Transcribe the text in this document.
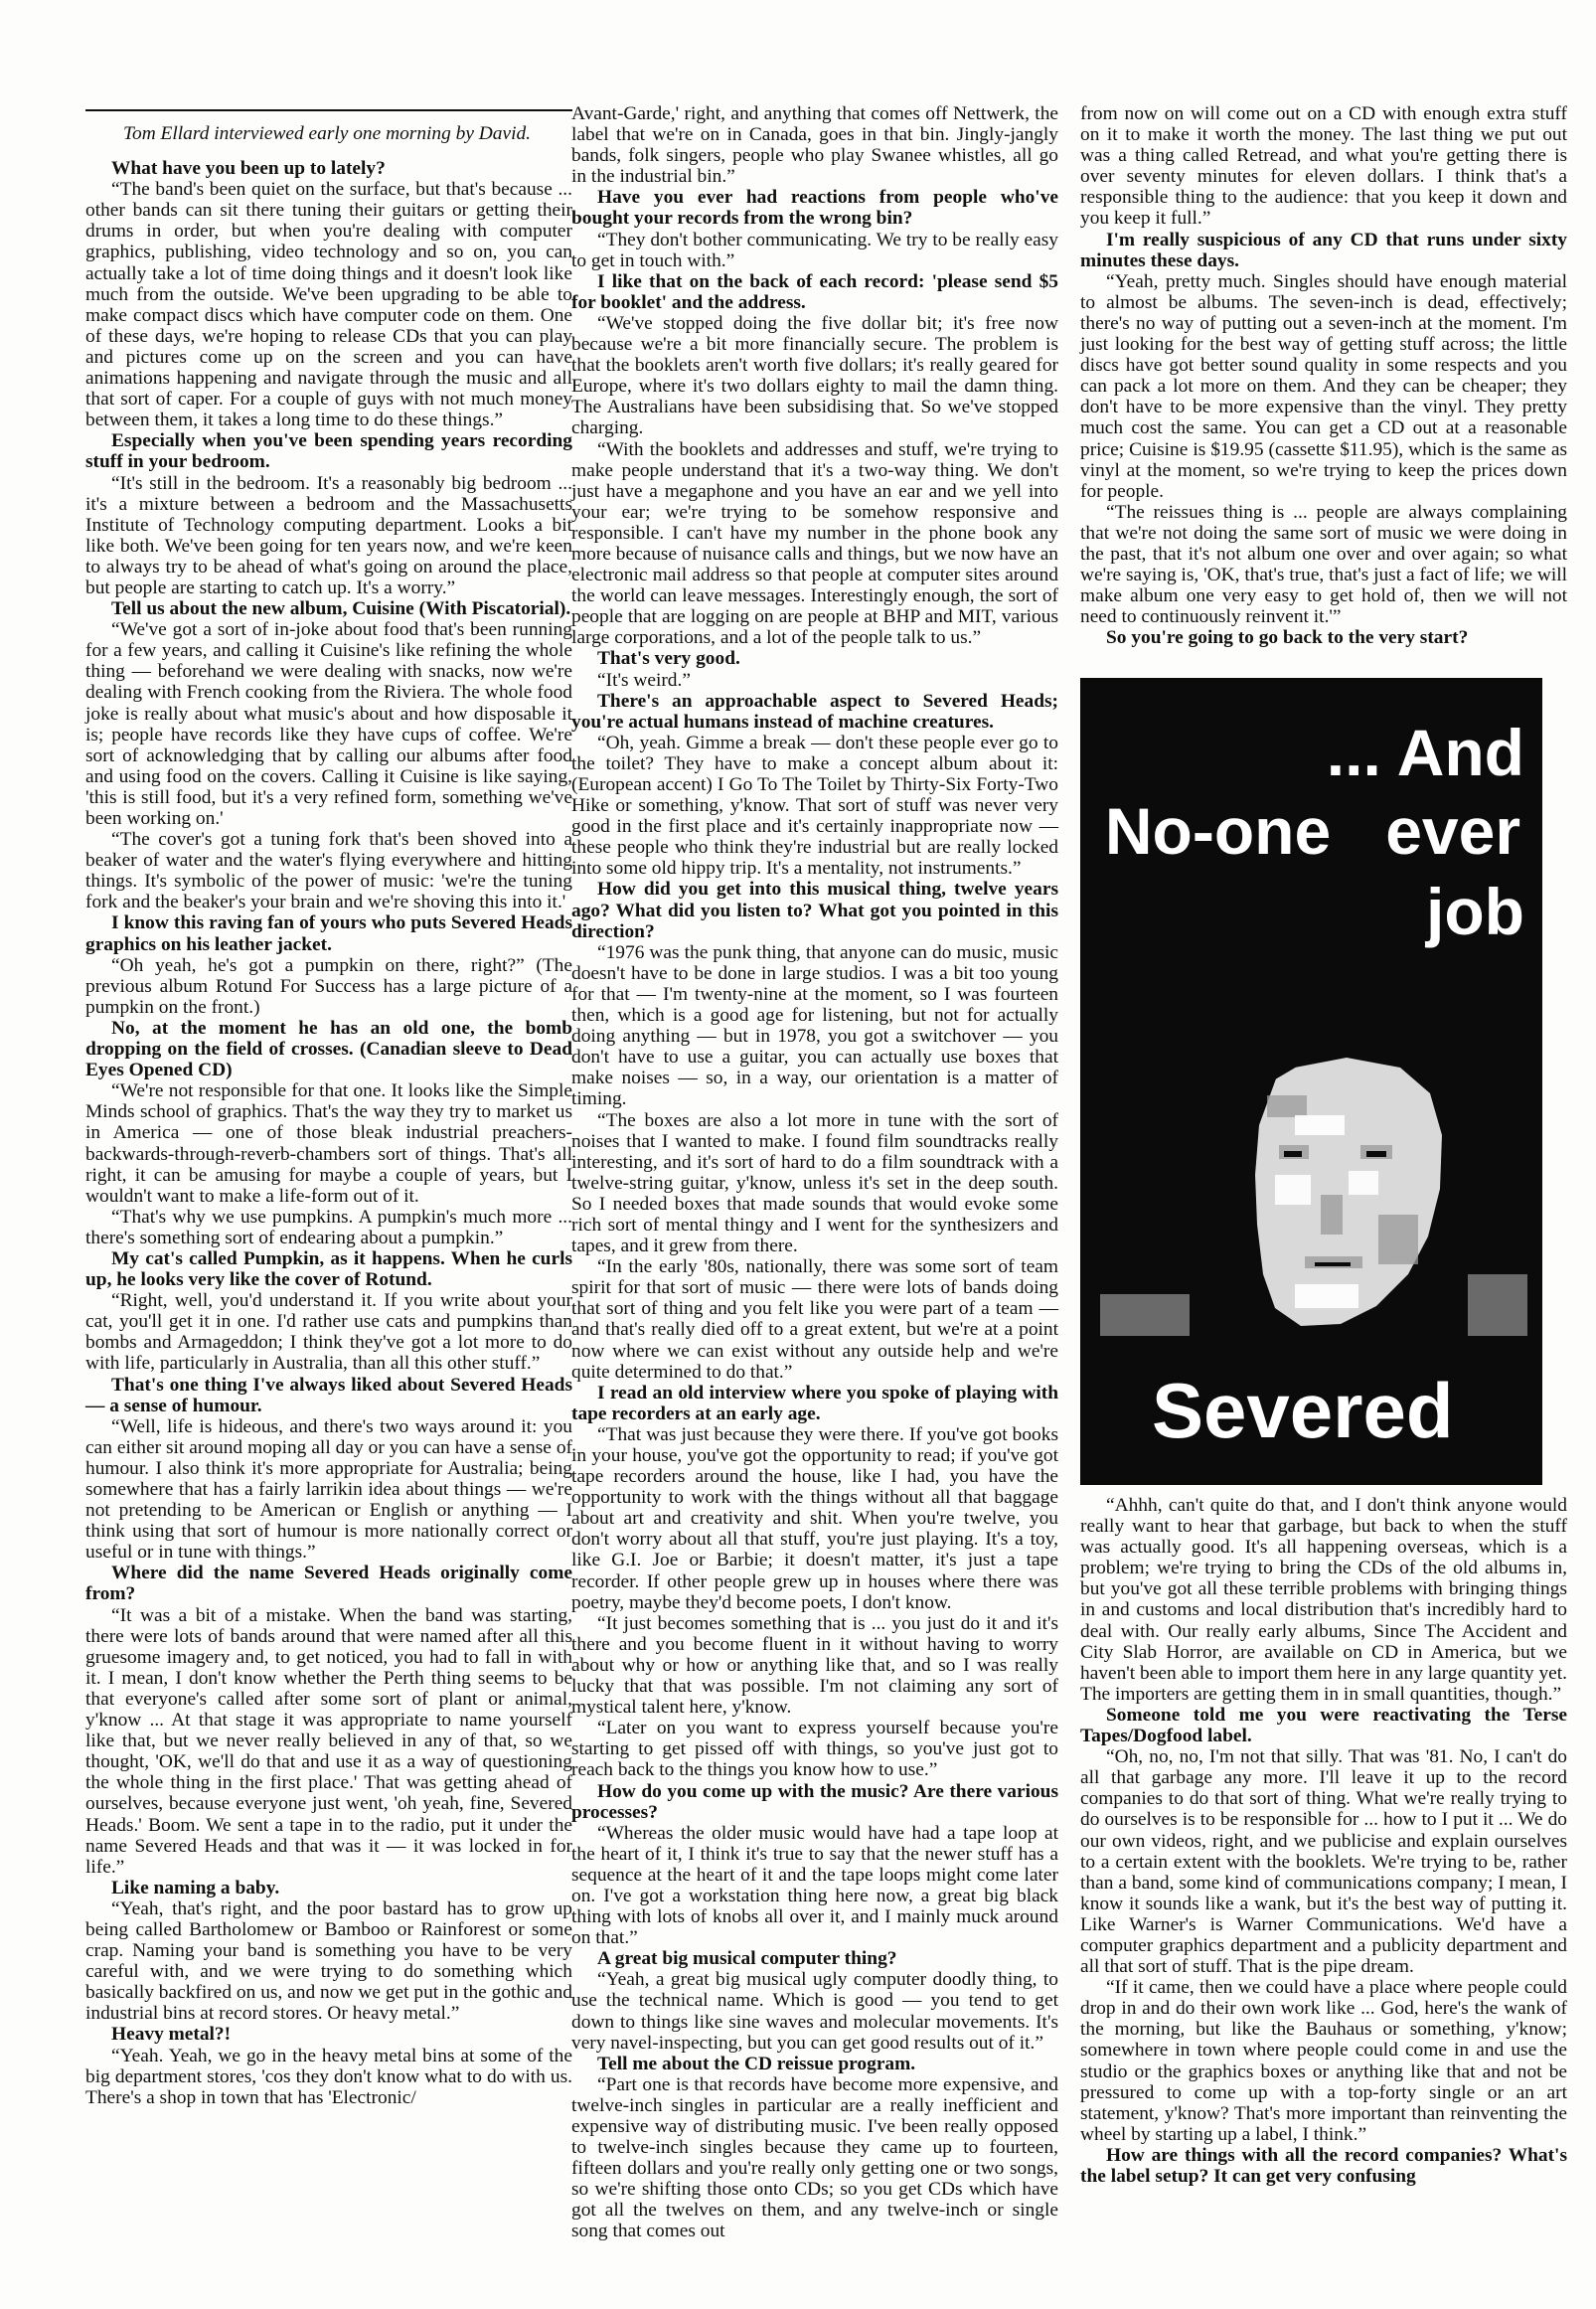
Tom Ellard interviewed early one morning by David.

What have you been up to lately?

“The band's been quiet on the surface, but that's because ... other bands can sit there tuning their guitars or getting their drums in order, but when you're dealing with computer graphics, publishing, video technology and so on, you can actually take a lot of time doing things and it doesn't look like much from the outside. We've been upgrading to be able to make compact discs which have computer code on them. One of these days, we're hoping to release CDs that you can play and pictures come up on the screen and you can have animations happening and navigate through the music and all that sort of caper. For a couple of guys with not much money between them, it takes a long time to do these things.”

Especially when you've been spending years recording stuff in your bedroom.

“It's still in the bedroom. It's a reasonably big bedroom ... it's a mixture between a bedroom and the Massachusetts Institute of Technology computing department. Looks a bit like both. We've been going for ten years now, and we're keen to always try to be ahead of what's going on around the place, but people are starting to catch up. It's a worry.”

Tell us about the new album, Cuisine (With Piscatorial).

“We've got a sort of in-joke about food that's been running for a few years, and calling it Cuisine's like refining the whole thing — beforehand we were dealing with snacks, now we're dealing with French cooking from the Riviera. The whole food joke is really about what music's about and how disposable it is; people have records like they have cups of coffee. We're sort of acknowledging that by calling our albums after food and using food on the covers. Calling it Cuisine is like saying, 'this is still food, but it's a very refined form, something we've been working on.'

“The cover's got a tuning fork that's been shoved into a beaker of water and the water's flying everywhere and hitting things. It's symbolic of the power of music: 'we're the tuning fork and the beaker's your brain and we're shoving this into it.'

I know this raving fan of yours who puts Severed Heads graphics on his leather jacket.

“Oh yeah, he's got a pumpkin on there, right?” (The previous album Rotund For Success has a large picture of a pumpkin on the front.)

No, at the moment he has an old one, the bomb dropping on the field of crosses. (Canadian sleeve to Dead Eyes Opened CD)

“We're not responsible for that one. It looks like the Simple Minds school of graphics. That's the way they try to market us in America — one of those bleak industrial preachers-backwards-through-reverb-chambers sort of things. That's all right, it can be amusing for maybe a couple of years, but I wouldn't want to make a life-form out of it.

“That's why we use pumpkins. A pumpkin's much more ... there's something sort of endearing about a pumpkin.”

My cat's called Pumpkin, as it happens. When he curls up, he looks very like the cover of Rotund.

“Right, well, you'd understand it. If you write about your cat, you'll get it in one. I'd rather use cats and pumpkins than bombs and Armageddon; I think they've got a lot more to do with life, particularly in Australia, than all this other stuff.”

That's one thing I've always liked about Severed Heads — a sense of humour.

“Well, life is hideous, and there's two ways around it: you can either sit around moping all day or you can have a sense of humour. I also think it's more appropriate for Australia; being somewhere that has a fairly larrikin idea about things — we're not pretending to be American or English or anything — I think using that sort of humour is more nationally correct or useful or in tune with things.”

Where did the name Severed Heads originally come from?

“It was a bit of a mistake. When the band was starting, there were lots of bands around that were named after all this gruesome imagery and, to get noticed, you had to fall in with it. I mean, I don't know whether the Perth thing seems to be that everyone's called after some sort of plant or animal, y'know ... At that stage it was appropriate to name yourself like that, but we never really believed in any of that, so we thought, 'OK, we'll do that and use it as a way of questioning the whole thing in the first place.' That was getting ahead of ourselves, because everyone just went, 'oh yeah, fine, Severed Heads.' Boom. We sent a tape in to the radio, put it under the name Severed Heads and that was it — it was locked in for life.”

Like naming a baby.

“Yeah, that's right, and the poor bastard has to grow up being called Bartholomew or Bamboo or Rainforest or some crap. Naming your band is something you have to be very careful with, and we were trying to do something which basically backfired on us, and now we get put in the gothic and industrial bins at record stores. Or heavy metal.”

Heavy metal?!

“Yeah. Yeah, we go in the heavy metal bins at some of the big department stores, 'cos they don't know what to do with us. There's a shop in town that has 'Electronic/

Avant-Garde,' right, and anything that comes off Nettwerk, the label that we're on in Canada, goes in that bin. Jingly-jangly bands, folk singers, people who play Swanee whistles, all go in the industrial bin.”

Have you ever had reactions from people who've bought your records from the wrong bin?

“They don't bother communicating. We try to be really easy to get in touch with.”

I like that on the back of each record: 'please send $5 for booklet' and the address.

“We've stopped doing the five dollar bit; it's free now because we're a bit more financially secure. The problem is that the booklets aren't worth five dollars; it's really geared for Europe, where it's two dollars eighty to mail the damn thing. The Australians have been subsidising that. So we've stopped charging.

“With the booklets and addresses and stuff, we're trying to make people understand that it's a two-way thing. We don't just have a megaphone and you have an ear and we yell into your ear; we're trying to be somehow responsive and responsible. I can't have my number in the phone book any more because of nuisance calls and things, but we now have an electronic mail address so that people at computer sites around the world can leave messages. Interestingly enough, the sort of people that are logging on are people at BHP and MIT, various large corporations, and a lot of the people talk to us.”

That's very good.

“It's weird.”

There's an approachable aspect to Severed Heads; you're actual humans instead of machine creatures.

“Oh, yeah. Gimme a break — don't these people ever go to the toilet? They have to make a concept album about it: (European accent) I Go To The Toilet by Thirty-Six Forty-Two Hike or something, y'know. That sort of stuff was never very good in the first place and it's certainly inappropriate now — these people who think they're industrial but are really locked into some old hippy trip. It's a mentality, not instruments.”

How did you get into this musical thing, twelve years ago? What did you listen to? What got you pointed in this direction?

“1976 was the punk thing, that anyone can do music, music doesn't have to be done in large studios. I was a bit too young for that — I'm twenty-nine at the moment, so I was fourteen then, which is a good age for listening, but not for actually doing anything — but in 1978, you got a switchover — you don't have to use a guitar, you can actually use boxes that make noises — so, in a way, our orientation is a matter of timing.

“The boxes are also a lot more in tune with the sort of noises that I wanted to make. I found film soundtracks really interesting, and it's sort of hard to do a film soundtrack with a twelve-string guitar, y'know, unless it's set in the deep south. So I needed boxes that made sounds that would evoke some rich sort of mental thingy and I went for the synthesizers and tapes, and it grew from there.

“In the early '80s, nationally, there was some sort of team spirit for that sort of music — there were lots of bands doing that sort of thing and you felt like you were part of a team — and that's really died off to a great extent, but we're at a point now where we can exist without any outside help and we're quite determined to do that.”

I read an old interview where you spoke of playing with tape recorders at an early age.

“That was just because they were there. If you've got books in your house, you've got the opportunity to read; if you've got tape recorders around the house, like I had, you have the opportunity to work with the things without all that baggage about art and creativity and shit. When you're twelve, you don't worry about all that stuff, you're just playing. It's a toy, like G.I. Joe or Barbie; it doesn't matter, it's just a tape recorder. If other people grew up in houses where there was poetry, maybe they'd become poets, I don't know.

“It just becomes something that is ... you just do it and it's there and you become fluent in it without having to worry about why or how or anything like that, and so I was really lucky that that was possible. I'm not claiming any sort of mystical talent here, y'know.

“Later on you want to express yourself because you're starting to get pissed off with things, so you've just got to reach back to the things you know how to use.”

How do you come up with the music? Are there various processes?

“Whereas the older music would have had a tape loop at the heart of it, I think it's true to say that the newer stuff has a sequence at the heart of it and the tape loops might come later on. I've got a workstation thing here now, a great big black thing with lots of knobs all over it, and I mainly muck around on that.”

A great big musical computer thing?

“Yeah, a great big musical ugly computer doodly thing, to use the technical name. Which is good — you tend to get down to things like sine waves and molecular movements. It's very navel-inspecting, but you can get good results out of it.”

Tell me about the CD reissue program.

“Part one is that records have become more expensive, and twelve-inch singles in particular are a really inefficient and expensive way of distributing music. I've been really opposed to twelve-inch singles because they came up to fourteen, fifteen dollars and you're really only getting one or two songs, so we're shifting those onto CDs; so you get CDs which have got all the twelves on them, and any twelve-inch or single song that comes out

from now on will come out on a CD with enough extra stuff on it to make it worth the money. The last thing we put out was a thing called Retread, and what you're getting there is over seventy minutes for eleven dollars. I think that's a responsible thing to the audience: that you keep it down and you keep it full.”

I'm really suspicious of any CD that runs under sixty minutes these days.

“Yeah, pretty much. Singles should have enough material to almost be albums. The seven-inch is dead, effectively; there's no way of putting out a seven-inch at the moment. I'm just looking for the best way of getting stuff across; the little discs have got better sound quality in some respects and you can pack a lot more on them. And they can be cheaper; they don't have to be more expensive than the vinyl. They pretty much cost the same. You can get a CD out at a reasonable price; Cuisine is $19.95 (cassette $11.95), which is the same as vinyl at the moment, so we're trying to keep the prices down for people.

“The reissues thing is ... people are always complaining that we're not doing the same sort of music we were doing in the past, that it's not album one over and over again; so what we're saying is, 'OK, that's true, that's just a fact of life; we will make album one very easy to get hold of, then we will not need to continuously reinvent it.'”

So you're going to go back to the very start?

... And
No-one   ever
job
Severed

“Ahhh, can't quite do that, and I don't think anyone would really want to hear that garbage, but back to when the stuff was actually good. It's all happening overseas, which is a problem; we're trying to bring the CDs of the old albums in, but you've got all these terrible problems with bringing things in and customs and local distribution that's incredibly hard to deal with. Our really early albums, Since The Accident and City Slab Horror, are available on CD in America, but we haven't been able to import them here in any large quantity yet. The importers are getting them in in small quantities, though.”

Someone told me you were reactivating the Terse Tapes/Dogfood label.

“Oh, no, no, I'm not that silly. That was '81. No, I can't do all that garbage any more. I'll leave it up to the record companies to do that sort of thing. What we're really trying to do ourselves is to be responsible for ... how to I put it ... We do our own videos, right, and we publicise and explain ourselves to a certain extent with the booklets. We're trying to be, rather than a band, some kind of communications company; I mean, I know it sounds like a wank, but it's the best way of putting it. Like Warner's is Warner Communications. We'd have a computer graphics department and a publicity department and all that sort of stuff. That is the pipe dream.

“If it came, then we could have a place where people could drop in and do their own work like ... God, here's the wank of the morning, but like the Bauhaus or something, y'know; somewhere in town where people could come in and use the studio or the graphics boxes or anything like that and not be pressured to come up with a top-forty single or an art statement, y'know? That's more important than reinventing the wheel by starting up a label, I think.”

How are things with all the record companies? What's the label setup? It can get very confusing
